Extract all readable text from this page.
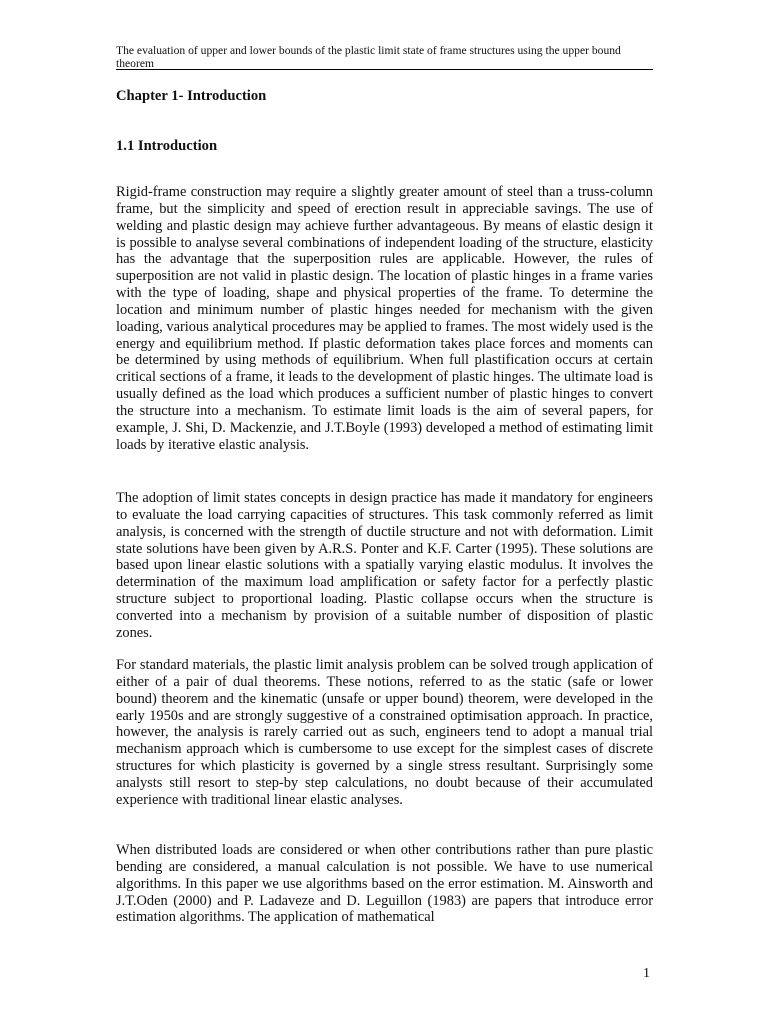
The evaluation of upper and lower bounds of the plastic limit state of frame structures using the upper bound theorem
Chapter 1- Introduction
1.1 Introduction

Rigid-frame construction may require a slightly greater amount of steel than a truss-column frame, but the simplicity and speed of erection result in appreciable savings. The use of welding and plastic design may achieve further advantageous. By means of elastic design it is possible to analyse several combinations of independent loading of the structure, elasticity has the advantage that the superposition rules are applicable. However, the rules of superposition are not valid in plastic design. The location of plastic hinges in a frame varies with the type of loading, shape and physical properties of the frame. To determine the location and minimum number of plastic hinges needed for mechanism with the given loading, various analytical procedures may be applied to frames. The most widely used is the energy and equilibrium method. If plastic deformation takes place forces and moments can be determined by using methods of equilibrium. When full plastification occurs at certain critical sections of a frame, it leads to the development of plastic hinges. The ultimate load is usually defined as the load which produces a sufficient number of plastic hinges to convert the structure into a mechanism. To estimate limit loads is the aim of several papers, for example, J. Shi, D. Mackenzie, and J.T.Boyle (1993) developed a method of estimating limit loads by iterative elastic analysis.

The adoption of limit states concepts in design practice has made it mandatory for engineers to evaluate the load carrying capacities of structures. This task commonly referred as limit analysis, is concerned with the strength of ductile structure and not with deformation. Limit state solutions have been given by A.R.S. Ponter and K.F. Carter (1995). These solutions are based upon linear elastic solutions with a spatially varying elastic modulus. It involves the determination of the maximum load amplification or safety factor for a perfectly plastic structure subject to proportional loading. Plastic collapse occurs when the structure is converted into a mechanism by provision of a suitable number of disposition of plastic zones.

For standard materials, the plastic limit analysis problem can be solved trough application of either of a pair of dual theorems. These notions, referred to as the static (safe or lower bound) theorem and the kinematic (unsafe or upper bound) theorem, were developed in the early 1950s and are strongly suggestive of a constrained optimisation approach. In practice, however, the analysis is rarely carried out as such, engineers tend to adopt a manual trial mechanism approach which is cumbersome to use except for the simplest cases of discrete structures for which plasticity is governed by a single stress resultant. Surprisingly some analysts still resort to step-by step calculations, no doubt because of their accumulated experience with traditional linear elastic analyses.

When distributed loads are considered or when other contributions rather than pure plastic bending are considered, a manual calculation is not possible. We have to use numerical algorithms. In this paper we use algorithms based on the error estimation. M. Ainsworth and J.T.Oden (2000) and P. Ladaveze and D. Leguillon (1983) are papers that introduce error estimation algorithms. The application of mathematical

1
